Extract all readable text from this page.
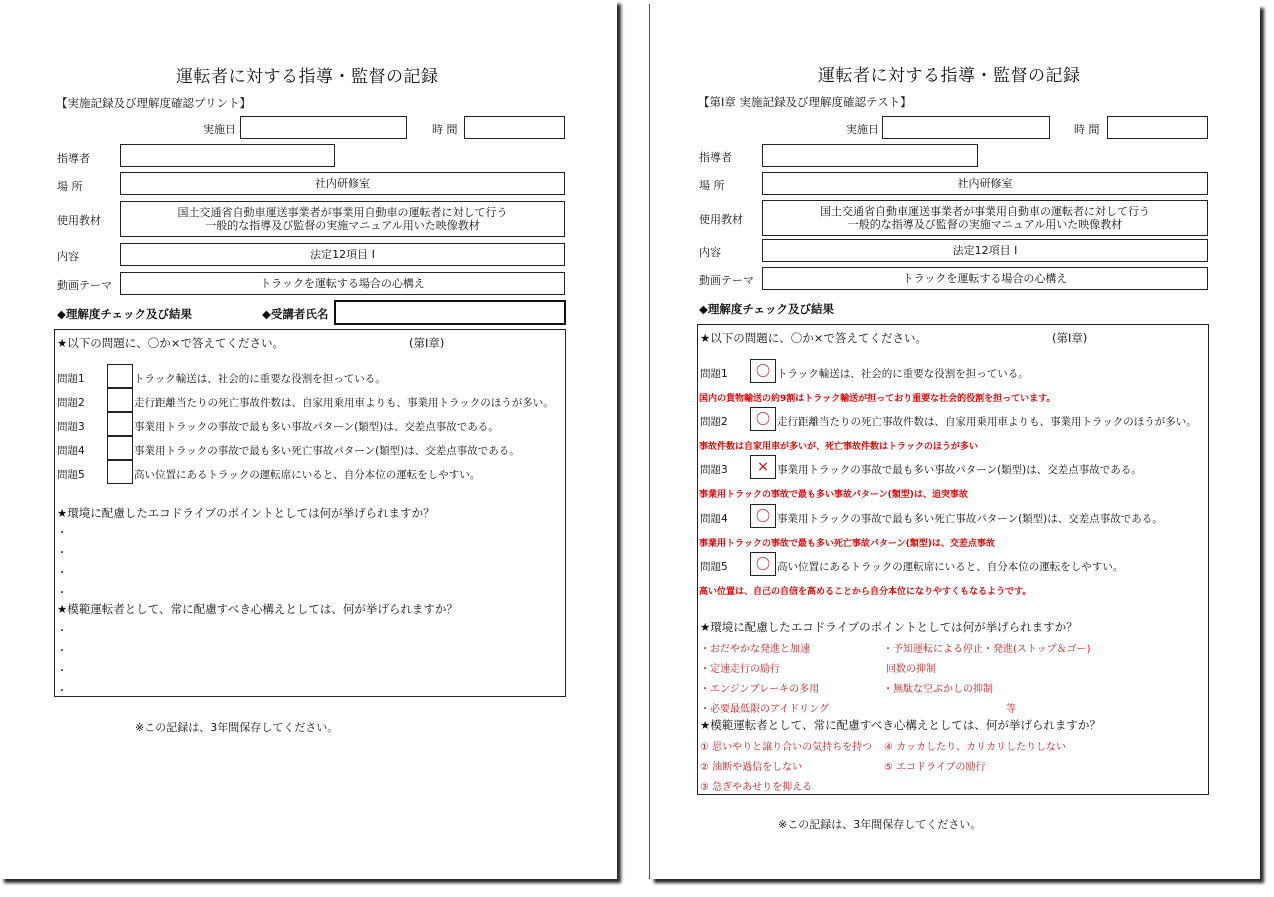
運転者に対する指導・監督の記録
【実施記録及び理解度確認プリント】
実施日	時 間
指導者
場 所	社内研修室
使用教材
国土交通省自動車運送事業者が事業用自動車の運転者に対して行う
一般的な指導及び監督の実施マニュアル用いた映像教材
内容	法定12項目 I
動画テーマ	トラックを運転する場合の心構え
◆理解度チェック及び結果	◆受講者氏名
★以下の問題に、〇か×で答えてください。	(第Ⅰ章)
問題1	トラック輸送は、社会的に重要な役割を担っている。
問題2	走行距離当たりの死亡事故件数は、自家用乗用車よりも、事業用トラックのほうが多い。
問題3	事業用トラックの事故で最も多い事故パターン(類型)は、交差点事故である。
問題4	事業用トラックの事故で最も多い死亡事故パターン(類型)は、交差点事故である。
問題5	高い位置にあるトラックの運転席にいると、自分本位の運転をしやすい。
★環境に配慮したエコドライブのポイントとしては何が挙げられますか？
・
・
・
・
★模範運転者として、常に配慮すべき心構えとしては、何が挙げられますか？
・
・
・
・
※この記録は、3年間保存してください。
運転者に対する指導・監督の記録
【第Ⅰ章 実施記録及び理解度確認テスト】
実施日	時 間
指導者
場 所	社内研修室
使用教材
国土交通省自動車運送事業者が事業用自動車の運転者に対して行う
一般的な指導及び監督の実施マニュアル用いた映像教材
内容	法定12項目 I
動画テーマ	トラックを運転する場合の心構え
◆理解度チェック及び結果
★以下の問題に、〇か×で答えてください。	(第Ⅰ章)
問題1	〇 トラック輸送は、社会的に重要な役割を担っている。
国内の貨物輸送の約9割はトラック輸送が担っており重要な社会的役割を担っています。
問題2	〇 走行距離当たりの死亡事故件数は、自家用乗用車よりも、事業用トラックのほうが多い。
事故件数は自家用車が多いが、死亡事故件数はトラックのほうが多い
問題3	× 事業用トラックの事故で最も多い事故パターン(類型)は、交差点事故である。
事業用トラックの事故で最も多い事故パターン(類型)は、追突事故
問題4	〇 事業用トラックの事故で最も多い死亡事故パターン(類型)は、交差点事故である。
事業用トラックの事故で最も多い死亡事故パターン(類型)は、交差点事故
問題5	〇 高い位置にあるトラックの運転席にいると、自分本位の運転をしやすい。
高い位置は、自己の自信を高めることから自分本位になりやすくもなるようです。
★環境に配慮したエコドライブのポイントとしては何が挙げられますか？
・おだやかな発進と加速	・予知運転による停止・発進(ストップ＆ゴー)
・定速走行の励行	回数の抑制
・エンジンブレーキの多用	・無駄な空ぶかしの抑制
・必要最低限のアイドリング	等
★模範運転者として、常に配慮すべき心構えとしては、何が挙げられますか？
① 思いやりと譲り合いの気持ちを持つ ④ カッカしたり、カリカリしたりしない
② 油断や過信をしない	⑤ エコドライブの励行
③ 急ぎやあせりを抑える
※この記録は、3年間保存してください。
